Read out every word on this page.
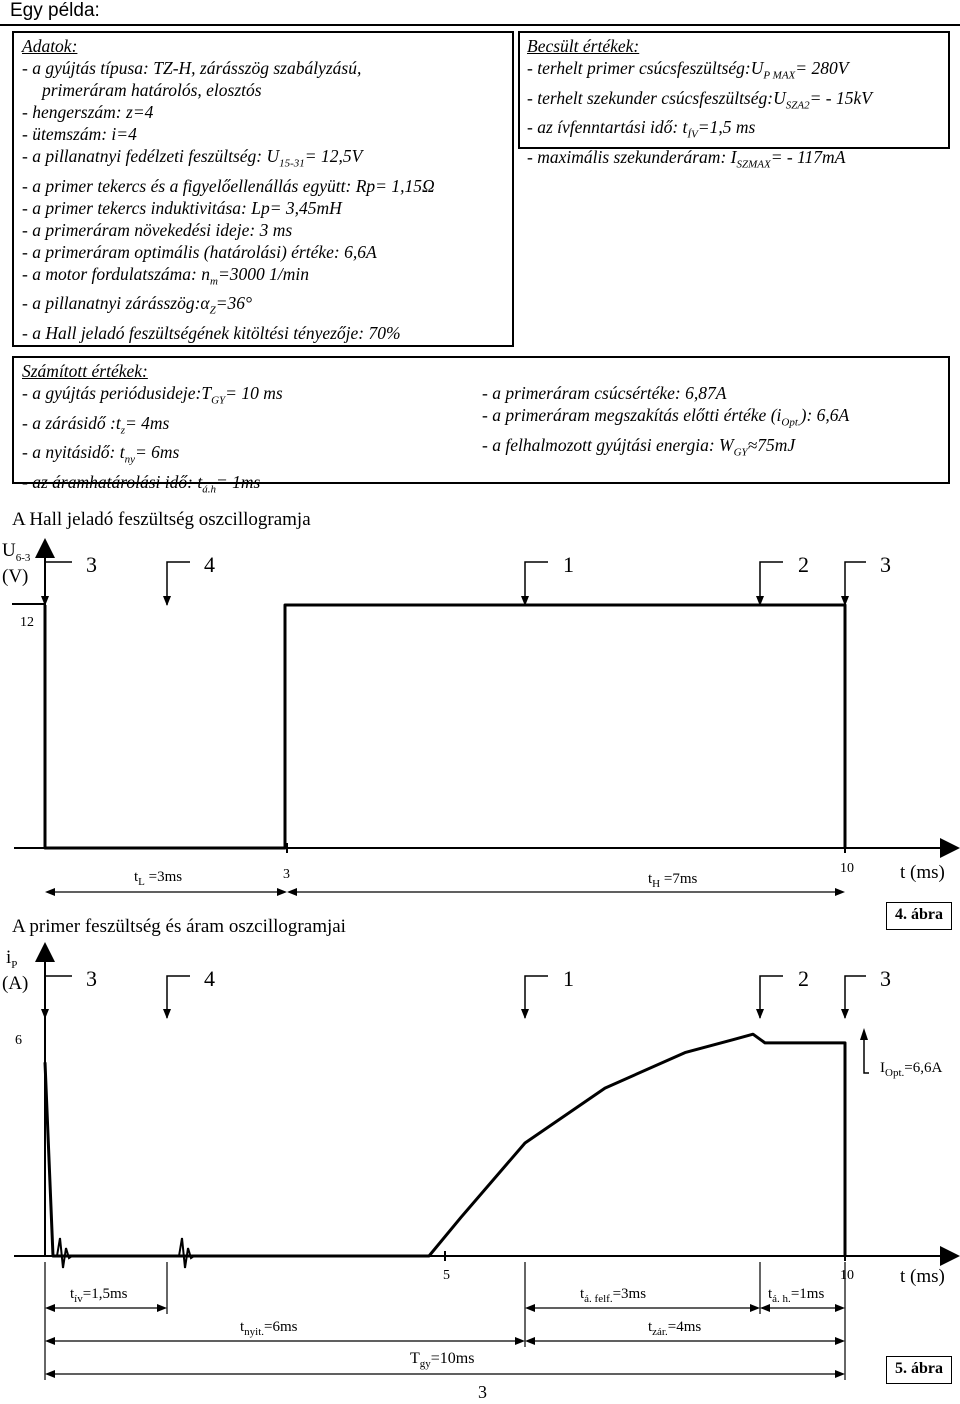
Egy példa:
Adatok:
- a gyújtás típusa: TZ-H, zárásszög szabályzású,
primeráram határolós, elosztós
- hengerszám: z=4
- ütemszám: i=4
- a pillanatnyi fedélzeti feszültség: $U_{15-31}= 12,5V$
- a primer tekercs és a figyelőellenállás együtt: Rp= 1,15Ω
- a primer tekercs induktivitása: Lp= 3,45mH
- a primeráram növekedési ideje: 3 ms
- a primeráram optimális (határolási) értéke: 6,6A
- a motor fordulatszáma: $n_m=3000$ 1/min
- a pillanatnyi $zárásszög:\alpha_Z=36^\circ$
- a Hall jeladó feszültségének kitöltési tényezője: 70%
Becsült értékek:
- terhelt primer $csúcsfeszültség:U_{P MAX}= 280V$
- terhelt szekunder $csúcsfeszültség:U_{SZA2}= - 15kV$
- az ívfenntartási idő: $t_{ÍV}=1,5$ ms
- maximális szekunderáram: $I_{SZMAX}= - 117mA$
Számított értékek:
- a gyújtás $periódusideje:T_{GY}= 10$ ms
- a zárásidő $:t_z= 4ms$
- a nyitásidő: $t_{ny}= 6ms$
- az áramhatárolási idő: $t_{á.h}= 1ms$
- a primeráram csúcsértéke: 6,87A
- a primeráram megszakítás előtti értéke $(i_{Opt.})$: 6,6A
- a felhalmozott gyújtási energia: $W_{GY}\approx 75mJ$
A Hall jeladó feszültség oszcillogramja
$U_{6-3}$
(V)
12
3	4	1	2	3
3	10
$t_L =3ms$	$t_H =7ms$	t (ms)
4. ábra
A primer feszültség és áram oszcillogramjai
$i_P$
(A)
6
3	4	1	2	3
$I_{Opt.}=6,6A$
5	10 t (ms)
$t_{ív}=1,5ms$	$t_{á. felf.}=3ms$	$t_{á. h.}=1ms$
$t_{nyit.}=6ms$	$t_{zár.}=4ms$
$T_{gy}=10ms$
3
5. ábra
